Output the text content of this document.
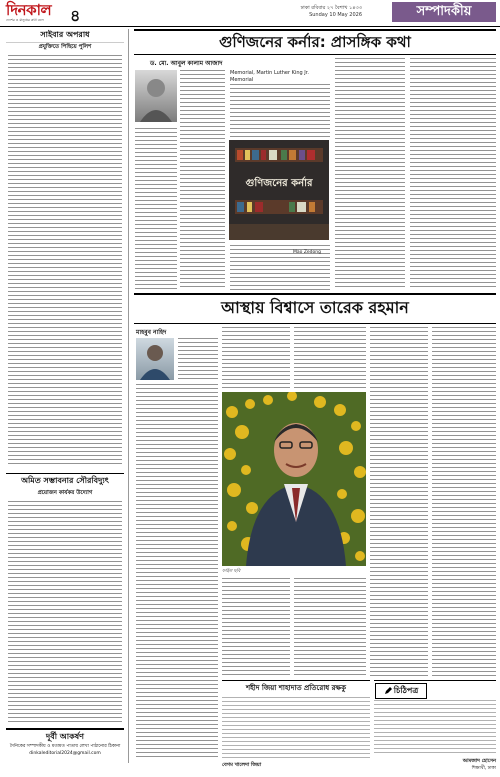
দিনকাল
দেশের ও মানুষের কথা বলে	৪	ঢাকা রবিবার ২৭ বৈশাখ ১৪৩৩
Sunday 10 May 2026	সম্পাদকীয়
সাইবার অপরাধ
প্রযুক্তিতে পিছিয়ে পুলিশ
অমিত সম্ভাবনার সৌরবিদ্যুৎ
প্রয়োজন কার্যকর উদ্যোগ
দূর্বী আকর্ষণ
দৈনিকের সম্পাদকীয় ও মতামত পাতায় লেখা পাঠানোর ঠিকানা
dinkaleditorial2024@gmail.com
গুণিজনের কর্নার: প্রাসঙ্গিক কথা
ড. মো. আবুল কালাম আজাদ
Memorial, Martin Luther King Jr. Memorial
গুণিজনের কর্নার
Mao Zedong
আস্থায় বিশ্বাসে তারেক রহমান
মাহবুব নাহিদ
ফাইল ছবি
শহীদ জিয়া শাহাদাত প্রতিরোধ রক্ষকু
বেগম খালেদা জিয়া
চিঠিপত্র
আমজাদ হোসেন
শিক্ষার্থী, ঢাকা
